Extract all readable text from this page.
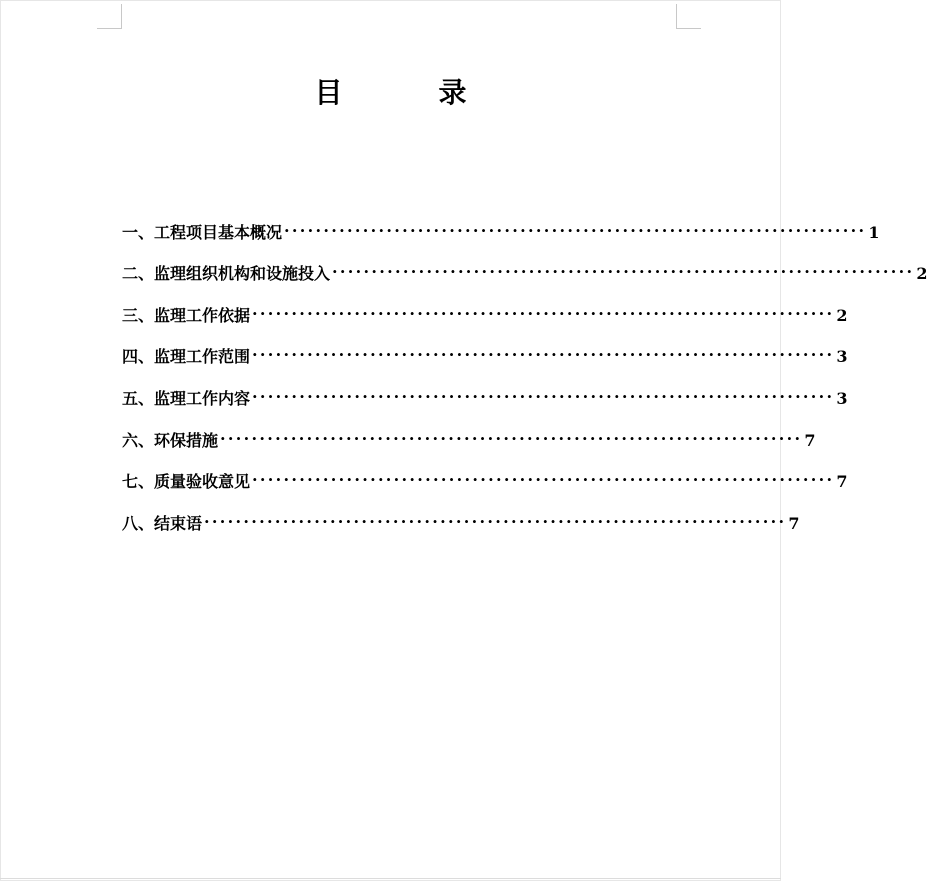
目        录
一、工程项目基本概况 .......................................................................... 1
二、监理组织机构和设施投入 .......................................................................... 2
三、监理工作依据 .......................................................................... 2
四、监理工作范围 .......................................................................... 3
五、监理工作内容 .......................................................................... 3
六、环保措施 .......................................................................... 7
七、质量验收意见 .......................................................................... 7
八、结束语 .......................................................................... 7
